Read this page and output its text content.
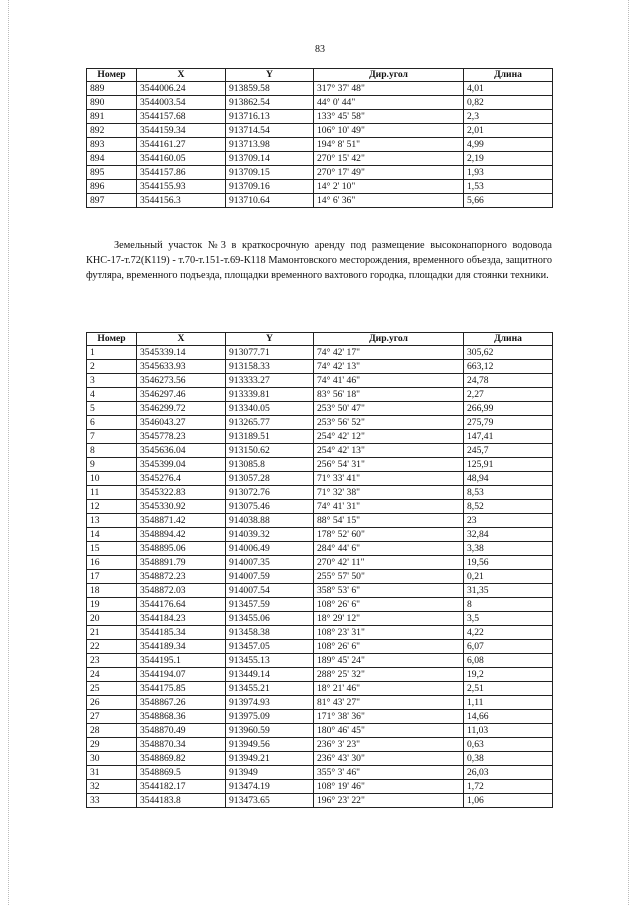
83
Номер	X	Y	Дир.угол	Длина
889	3544006.24	913859.58	317° 37' 48"	4,01
890	3544003.54	913862.54	44° 0' 44"	0,82
891	3544157.68	913716.13	133° 45' 58"	2,3
892	3544159.34	913714.54	106° 10' 49"	2,01
893	3544161.27	913713.98	194° 8' 51"	4,99
894	3544160.05	913709.14	270° 15' 42"	2,19
895	3544157.86	913709.15	270° 17' 49"	1,93
896	3544155.93	913709.16	14° 2' 10"	1,53
897	3544156.3	913710.64	14° 6' 36"	5,66
Земельный участок №3 в краткосрочную аренду под размещение высоконапорного водовода КНС-17-т.72(К119) - т.70-т.151-т.69-К118 Мамонтовского месторождения, временного объезда, защитного футляра, временного подъезда, площадки временного вахтового городка, площадки для стоянки техники.
Номер	X	Y	Дир.угол	Длина
1	3545339.14	913077.71	74° 42' 17"	305,62
2	3545633.93	913158.33	74° 42' 13"	663,12
3	3546273.56	913333.27	74° 41' 46"	24,78
4	3546297.46	913339.81	83° 56' 18"	2,27
5	3546299.72	913340.05	253° 50' 47"	266,99
6	3546043.27	913265.77	253° 56' 52"	275,79
7	3545778.23	913189.51	254° 42' 12"	147,41
8	3545636.04	913150.62	254° 42' 13"	245,7
9	3545399.04	913085.8	256° 54' 31"	125,91
10	3545276.4	913057.28	71° 33' 41"	48,94
11	3545322.83	913072.76	71° 32' 38"	8,53
12	3545330.92	913075.46	74° 41' 31"	8,52
13	3548871.42	914038.88	88° 54' 15"	23
14	3548894.42	914039.32	178° 52' 60"	32,84
15	3548895.06	914006.49	284° 44' 6"	3,38
16	3548891.79	914007.35	270° 42' 11"	19,56
17	3548872.23	914007.59	255° 57' 50"	0,21
18	3548872.03	914007.54	358° 53' 6"	31,35
19	3544176.64	913457.59	108° 26' 6"	8
20	3544184.23	913455.06	18° 29' 12"	3,5
21	3544185.34	913458.38	108° 23' 31"	4,22
22	3544189.34	913457.05	108° 26' 6"	6,07
23	3544195.1	913455.13	189° 45' 24"	6,08
24	3544194.07	913449.14	288° 25' 32"	19,2
25	3544175.85	913455.21	18° 21' 46"	2,51
26	3548867.26	913974.93	81° 43' 27"	1,11
27	3548868.36	913975.09	171° 38' 36"	14,66
28	3548870.49	913960.59	180° 46' 45"	11,03
29	3548870.34	913949.56	236° 3' 23"	0,63
30	3548869.82	913949.21	236° 43' 30"	0,38
31	3548869.5	913949	355° 3' 46"	26,03
32	3544182.17	913474.19	108° 19' 46"	1,72
33	3544183.8	913473.65	196° 23' 22"	1,06
